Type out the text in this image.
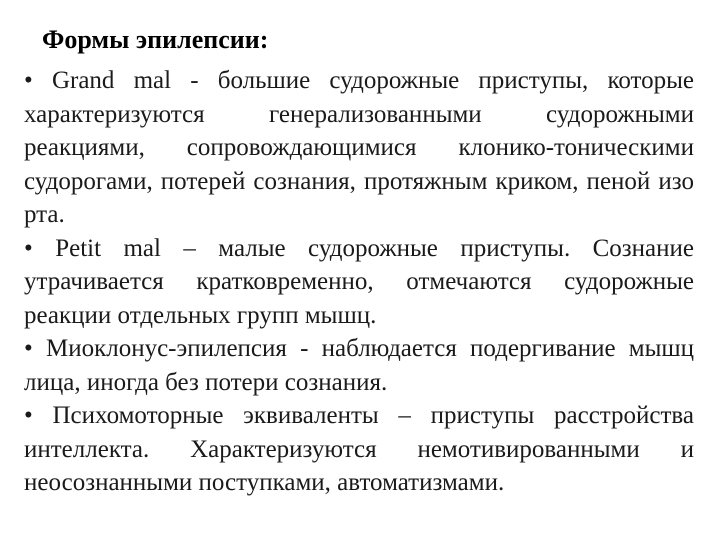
Формы эпилепсии:

• Grand mal - большие судорожные приступы, которые характеризуются генерализованными судорожными реакциями, сопровождающимися клонико-тоническими судорогами, потерей сознания, протяжным криком, пеной изо рта.

• Petit mal – малые судорожные приступы. Сознание утрачивается кратковременно, отмечаются судорожные реакции отдельных групп мышц.

• Миоклонус-эпилепсия - наблюдается подергивание мышц лица, иногда без потери сознания.

• Психомоторные эквиваленты – приступы расстройства интеллекта. Характеризуются немотивированными и неосознанными поступками, автоматизмами.
